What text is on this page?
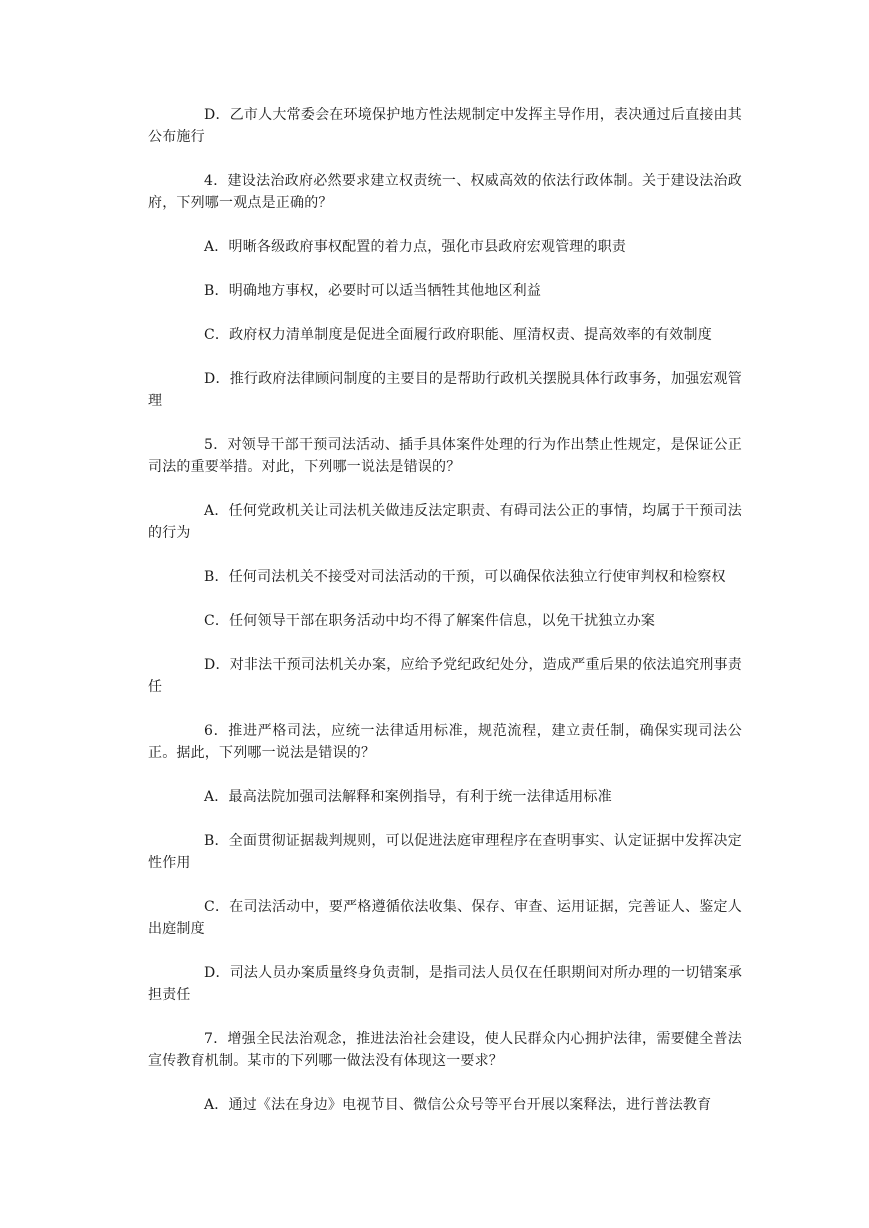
D．乙市人大常委会在环境保护地方性法规制定中发挥主导作用，表决通过后直接由其公布施行

4．建设法治政府必然要求建立权责统一、权威高效的依法行政体制。关于建设法治政府，下列哪一观点是正确的？

A．明晰各级政府事权配置的着力点，强化市县政府宏观管理的职责

B．明确地方事权，必要时可以适当牺牲其他地区利益

C．政府权力清单制度是促进全面履行政府职能、厘清权责、提高效率的有效制度

D．推行政府法律顾问制度的主要目的是帮助行政机关摆脱具体行政事务，加强宏观管理

5．对领导干部干预司法活动、插手具体案件处理的行为作出禁止性规定，是保证公正司法的重要举措。对此，下列哪一说法是错误的？

A．任何党政机关让司法机关做违反法定职责、有碍司法公正的事情，均属于干预司法的行为

B．任何司法机关不接受对司法活动的干预，可以确保依法独立行使审判权和检察权

C．任何领导干部在职务活动中均不得了解案件信息，以免干扰独立办案

D．对非法干预司法机关办案，应给予党纪政纪处分，造成严重后果的依法追究刑事责任

6．推进严格司法，应统一法律适用标准，规范流程，建立责任制，确保实现司法公正。据此，下列哪一说法是错误的？

A．最高法院加强司法解释和案例指导，有利于统一法律适用标准

B．全面贯彻证据裁判规则，可以促进法庭审理程序在查明事实、认定证据中发挥决定性作用

C．在司法活动中，要严格遵循依法收集、保存、审查、运用证据，完善证人、鉴定人出庭制度

D．司法人员办案质量终身负责制，是指司法人员仅在任职期间对所办理的一切错案承担责任

7．增强全民法治观念，推进法治社会建设，使人民群众内心拥护法律，需要健全普法宣传教育机制。某市的下列哪一做法没有体现这一要求？

A．通过《法在身边》电视节目、微信公众号等平台开展以案释法，进行普法教育
